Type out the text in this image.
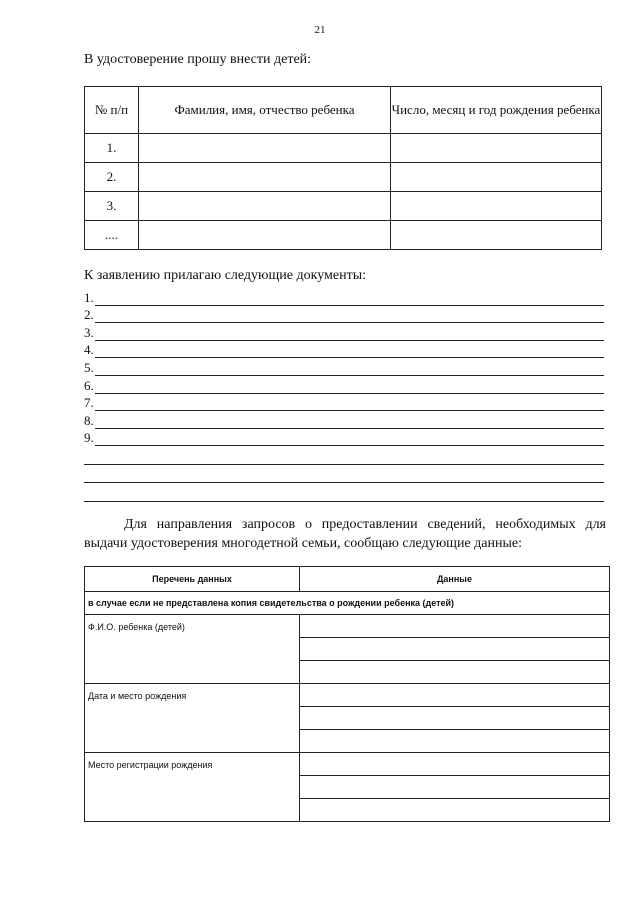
21
В удостоверение прошу внести детей:
№ п/п	Фамилия, имя, отчество ребенка	Число, месяц и год рождения ребенка
1.		
2.		
3.		
....		
К заявлению прилагаю следующие документы:
1.
2.
3.
4.
5.
6.
7.
8.
9.
Для направления запросов о предоставлении сведений, необходимых для выдачи удостоверения многодетной семьи, сообщаю следующие данные:
Перечень данных	Данные
в случае если не представлена копия свидетельства о рождении ребенка (детей)	
Ф.И.О. ребенка (детей)	

Дата и место рождения	

Место регистрации рождения	
